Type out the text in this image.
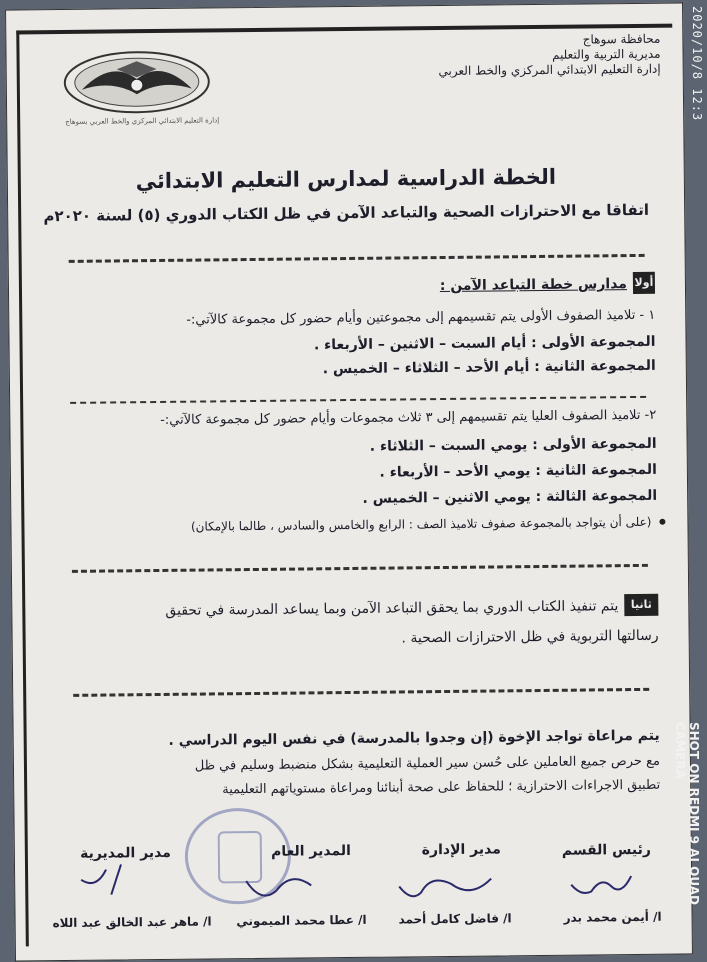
محافظة سوهاج
مديرية التربية والتعليم
إدارة التعليم الابتدائي المركزي والخط العربي
إدارة التعليم الابتدائي المركزي والخط العربي بسوهاج
الخطة الدراسية لمدارس التعليم الابتدائي
اتفاقا مع الاحترازات الصحية والتباعد الآمن في ظل الكتاب الدوري (٥) لسنة ٢٠٢٠م
أولا
مدارس خطة التباعد الآمن :
١ - تلاميذ الصفوف الأولى يتم تقسيمهم إلى مجموعتين وأيام حضور كل مجموعة كالآتي:-
المجموعة الأولى : أيام السبت – الاثنين – الأربعاء .
المجموعة الثانية : أيام الأحد – الثلاثاء – الخميس .
٢- تلاميذ الصفوف العليا يتم تقسيمهم إلى ٣ ثلاث مجموعات وأيام حضور كل مجموعة كالآتي:-
المجموعة الأولى : يومي السبت – الثلاثاء .
المجموعة الثانية : يومي الأحد – الأربعاء .
المجموعة الثالثة : يومي الاثنين – الخميس .
(على أن يتواجد بالمجموعة صفوف تلاميذ الصف : الرابع والخامس والسادس ، طالما بالإمكان)
ثانيا
يتم تنفيذ الكتاب الدوري بما يحقق التباعد الآمن وبما يساعد المدرسة في تحقيق
رسالتها التربوية في ظل الاحترازات الصحية .
يتم مراعاة تواجد الإخوة (إن وجدوا بالمدرسة) في نفس اليوم الدراسي .
مع حرص جميع العاملين على حُسن سير العملية التعليمية بشكل منضبط وسليم في ظل
تطبيق الاجراءات الاحترازية ؛ للحفاظ على صحة أبنائنا ومراعاة مستوياتهم التعليمية
رئيس القسم
مدير الإدارة
المدير العام
مدير المديرية
ا/ أيمن محمد بدر
ا/ فاضل كامل أحمد
ا/ عطا محمد الميموني
ا/ ماهر عبد الخالق عبد اللاه
2020/10/8 12:3
SHOT ON REDMI 9 AI QUAD CAMERA
